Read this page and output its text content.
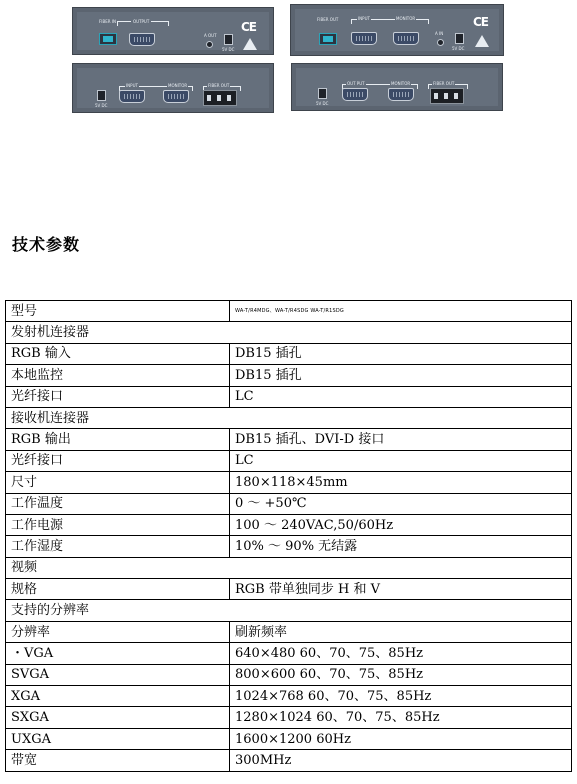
FIBER IN	OUTPUT
A OUT
5V DC
CE
5V DC
INPUT	MONITOR	FIBER OUT
FIBER OUT	INPUT	MONITOR
A IN
5V DC
CE
5V DC
OUT PUT	MONITOR	FIBER OUT
技术参数
型号	WA-T/R4MDG、WA-T/R4SDG WA-T/R1SDG
发射机连接器	
RGB 输入	DB15 插孔
本地监控	DB15 插孔
光纤接口	LC
接收机连接器	
RGB 输出	DB15 插孔、DVI-D 接口
光纤接口	LC
尺寸	180×118×45mm
工作温度	0 ～ +50℃
工作电源	100 ～ 240VAC,50/60Hz
工作湿度	10% ～ 90% 无结露
视频	
规格	RGB 带单独同步 H 和 V
支持的分辨率	
分辨率	刷新频率
・VGA	640×480 60、70、75、85Hz
SVGA	800×600 60、70、75、85Hz
XGA	1024×768 60、70、75、85Hz
SXGA	1280×1024 60、70、75、85Hz
UXGA	1600×1200 60Hz
带宽	300MHz
